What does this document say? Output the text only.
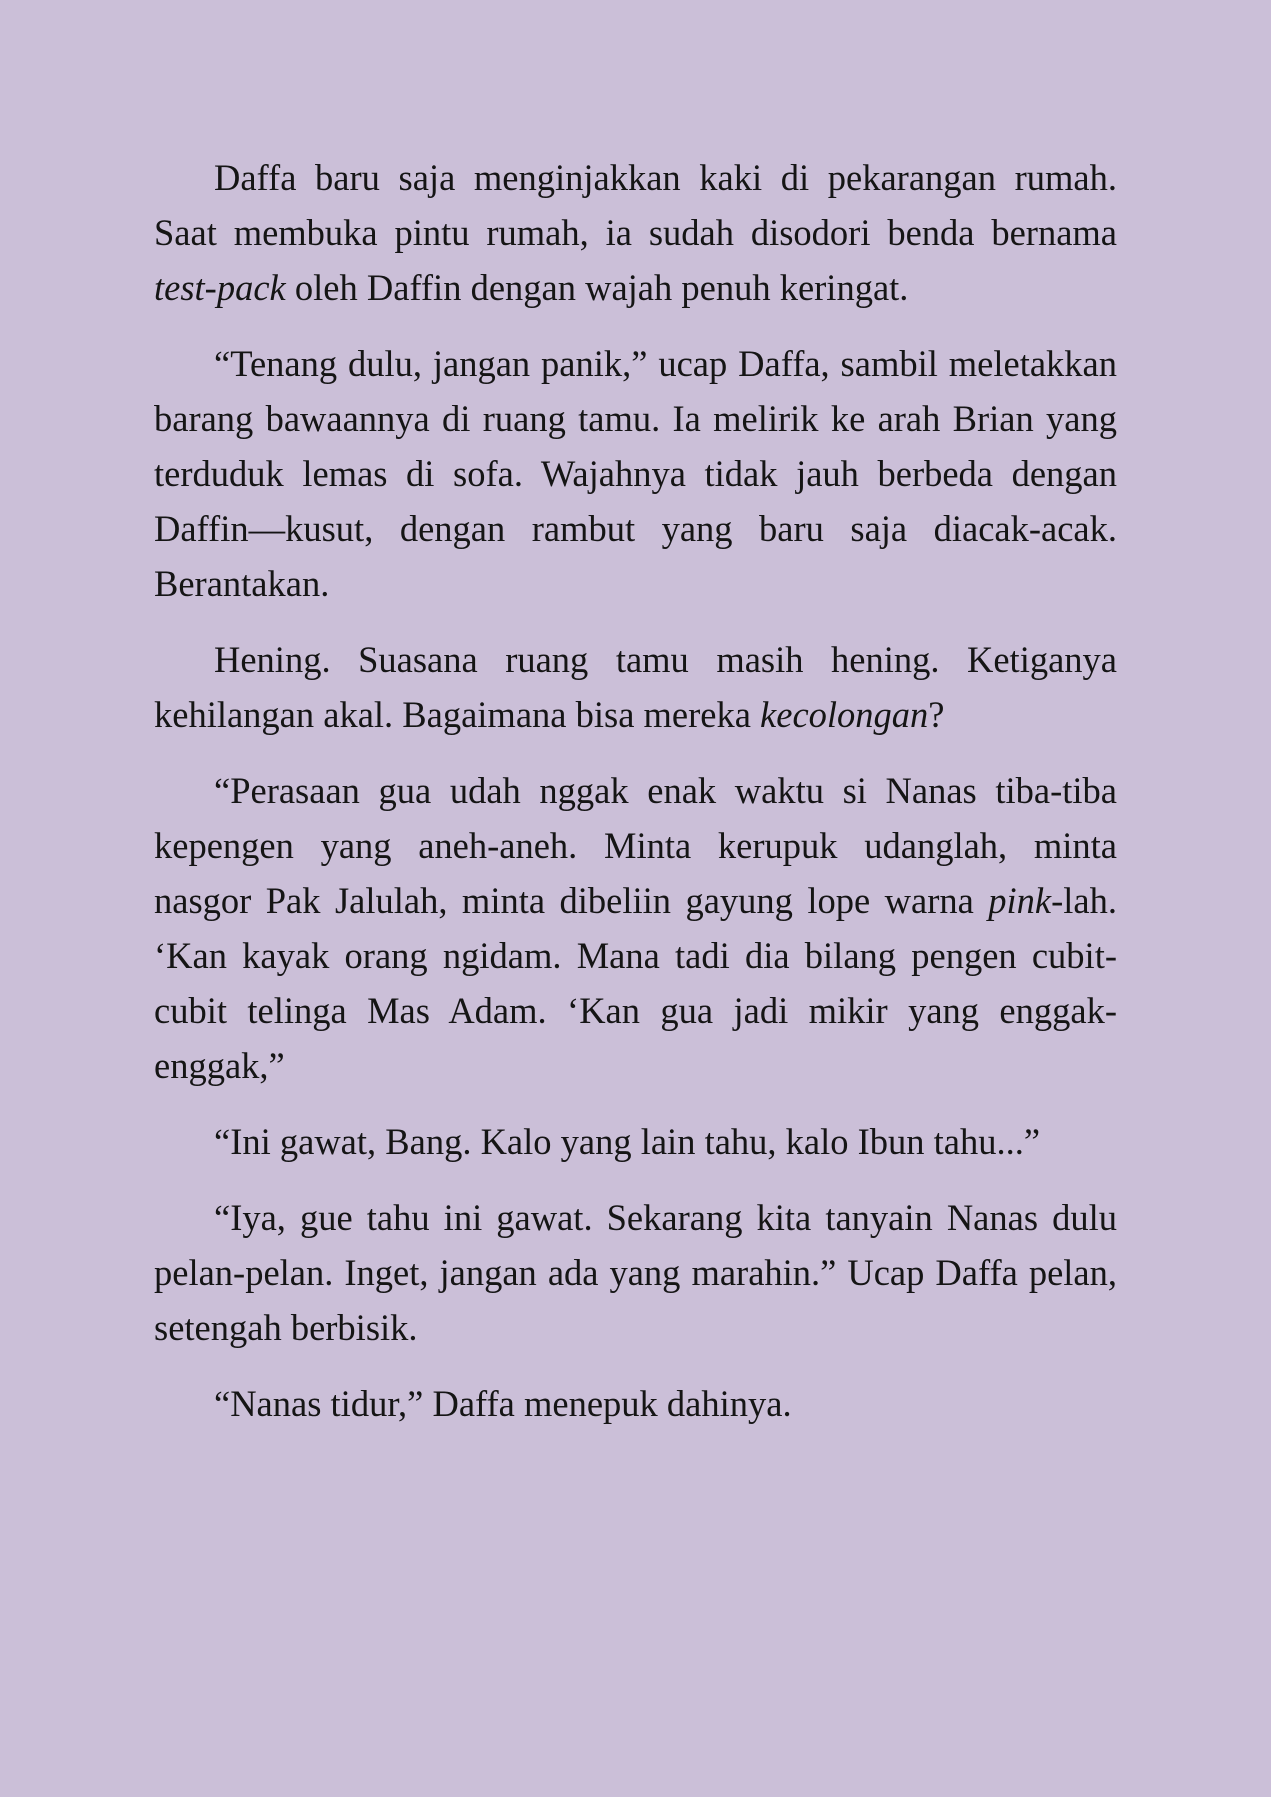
Daffa baru saja menginjakkan kaki di pekarangan rumah. Saat membuka pintu rumah, ia sudah disodori benda bernama test-pack oleh Daffin dengan wajah penuh keringat.

“Tenang dulu, jangan panik,” ucap Daffa, sambil meletakkan barang bawaannya di ruang tamu. Ia melirik ke arah Brian yang terduduk lemas di sofa. Wajahnya tidak jauh berbeda dengan Daffin—kusut, dengan rambut yang baru saja diacak-acak. Berantakan.

Hening. Suasana ruang tamu masih hening. Ketiganya kehilangan akal. Bagaimana bisa mereka kecolongan?

“Perasaan gua udah nggak enak waktu si Nanas tiba-tiba kepengen yang aneh-aneh. Minta kerupuk udanglah, minta nasgor Pak Jalulah, minta dibeliin gayung lope warna pink-lah. ‘Kan kayak orang ngidam. Mana tadi dia bilang pengen cubit-cubit telinga Mas Adam. ‘Kan gua jadi mikir yang enggak-enggak,”

“Ini gawat, Bang. Kalo yang lain tahu, kalo Ibun tahu...”

“Iya, gue tahu ini gawat. Sekarang kita tanyain Nanas dulu pelan-pelan. Inget, jangan ada yang marahin.” Ucap Daffa pelan, setengah berbisik.

“Nanas tidur,” Daffa menepuk dahinya.
